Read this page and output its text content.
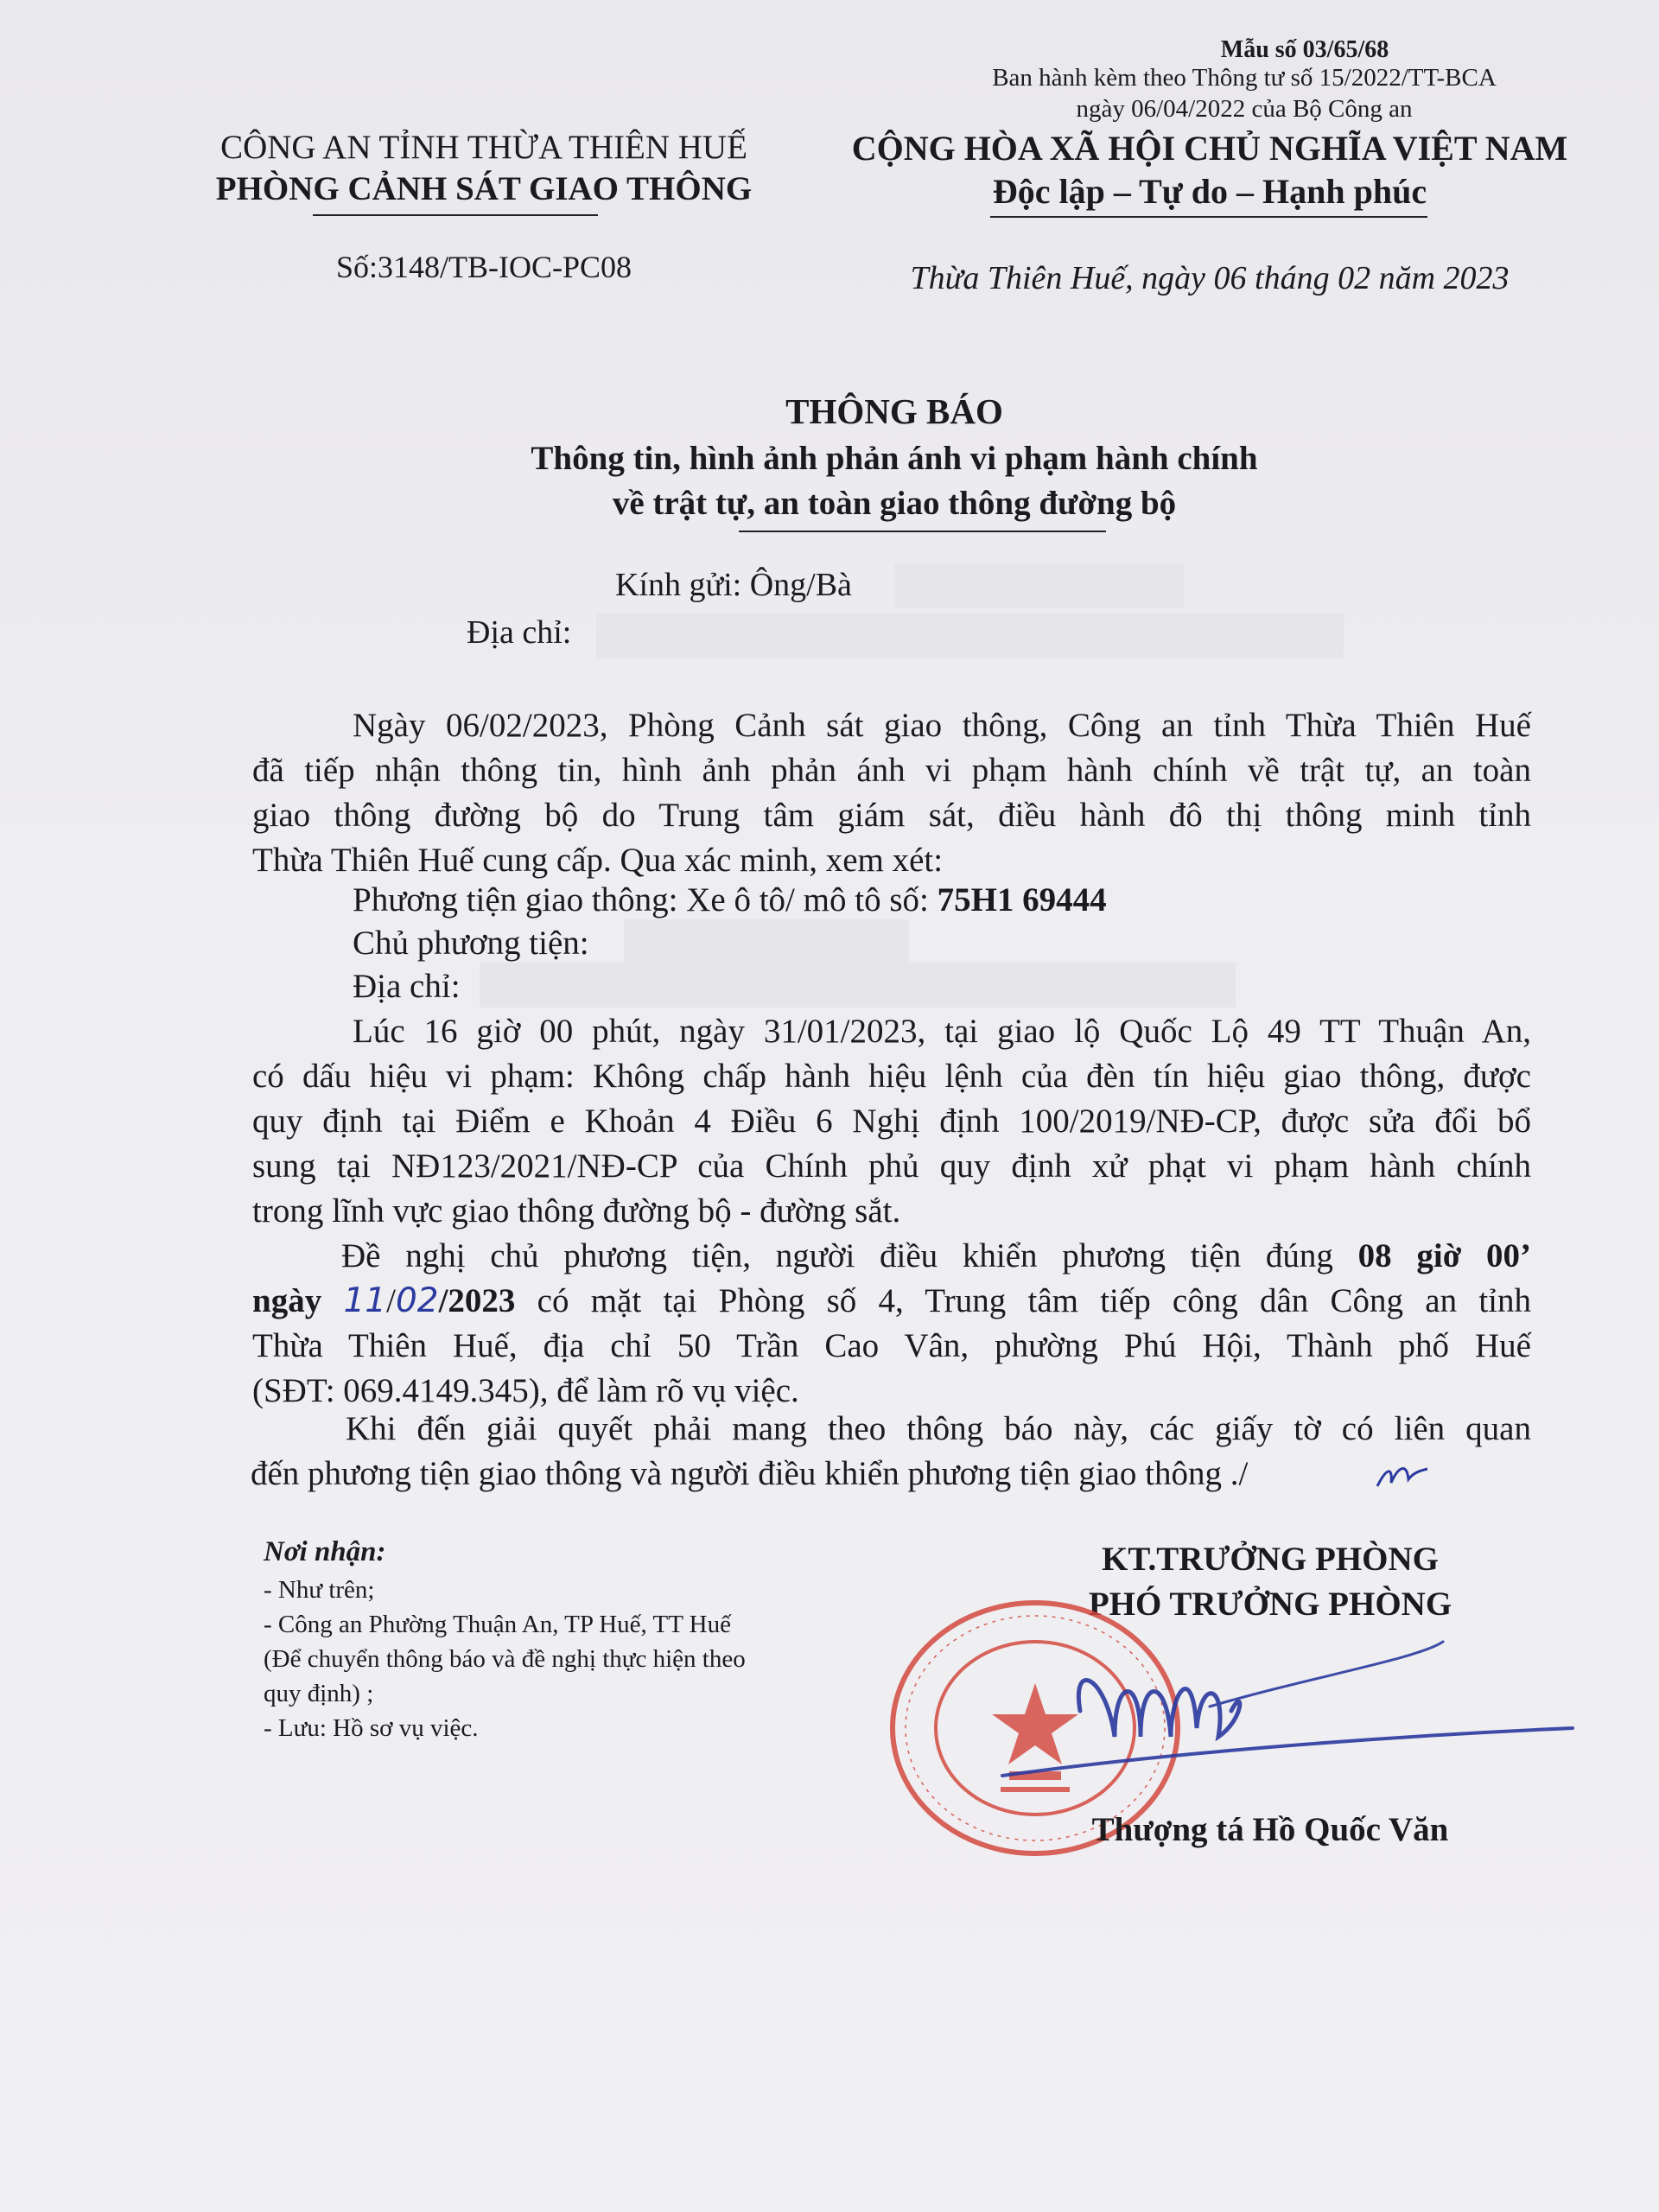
Mẫu số 03/65/68
Ban hành kèm theo Thông tư số 15/2022/TT-BCA
ngày 06/04/2022 của Bộ Công an
CÔNG AN TỈNH THỪA THIÊN HUẾ
PHÒNG CẢNH SÁT GIAO THÔNG
Số:3148/TB-IOC-PC08
CỘNG HÒA XÃ HỘI CHỦ NGHĨA VIỆT NAM
Độc lập – Tự do – Hạnh phúc
Thừa Thiên Huế, ngày 06 tháng 02 năm 2023
THÔNG BÁO
Thông tin, hình ảnh phản ánh vi phạm hành chính
về trật tự, an toàn giao thông đường bộ
Kính gửi: Ông/Bà
Địa chỉ:
Ngày 06/02/2023, Phòng Cảnh sát giao thông, Công an tỉnh Thừa Thiên Huế
đã tiếp nhận thông tin, hình ảnh phản ánh vi phạm hành chính về trật tự, an toàn
giao thông đường bộ do Trung tâm giám sát, điều hành đô thị thông minh tỉnh
Thừa Thiên Huế cung cấp. Qua xác minh, xem xét:
Phương tiện giao thông: Xe ô tô/ mô tô số: 75H1 69444
Chủ phương tiện:
Địa chỉ:
Lúc 16 giờ 00 phút, ngày 31/01/2023, tại giao lộ Quốc Lộ 49 TT Thuận An,
có dấu hiệu vi phạm: Không chấp hành hiệu lệnh của đèn tín hiệu giao thông, được
quy định tại Điểm e Khoản 4 Điều 6 Nghị định 100/2019/NĐ-CP, được sửa đổi bổ
sung tại NĐ123/2021/NĐ-CP của Chính phủ quy định xử phạt vi phạm hành chính
trong lĩnh vực giao thông đường bộ - đường sắt.
Đề nghị chủ phương tiện, người điều khiển phương tiện đúng 08 giờ 00’
ngày 11/02/2023 có mặt tại Phòng số 4, Trung tâm tiếp công dân Công an tỉnh
Thừa Thiên Huế, địa chỉ 50 Trần Cao Vân, phường Phú Hội, Thành phố Huế
(SĐT: 069.4149.345), để làm rõ vụ việc.
Khi đến giải quyết phải mang theo thông báo này, các giấy tờ có liên quan
đến phương tiện giao thông và người điều khiển phương tiện giao thông ./
Nơi nhận:
- Như trên;
- Công an Phường Thuận An, TP Huế, TT Huế
(Để chuyển thông báo và đề nghị thực hiện theo
quy định) ;
- Lưu: Hồ sơ vụ việc.
KT.TRƯỞNG PHÒNG
PHÓ TRƯỞNG PHÒNG
Thượng tá Hồ Quốc Văn
